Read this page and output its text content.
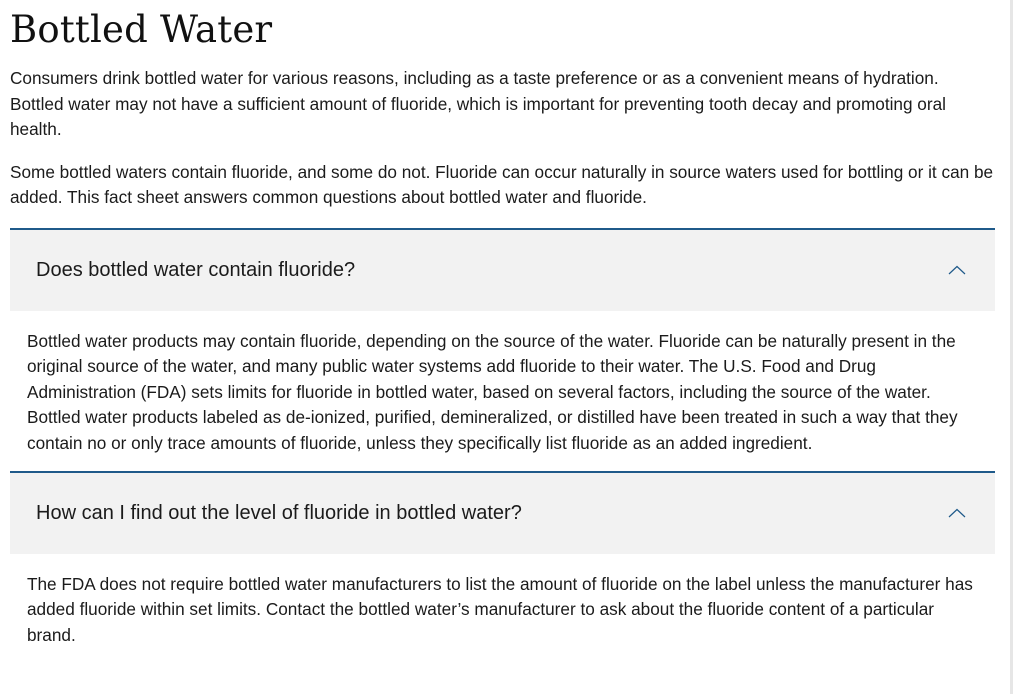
Bottled Water

Consumers drink bottled water for various reasons, including as a taste preference or as a convenient means of hydration. Bottled water may not have a sufficient amount of fluoride, which is important for preventing tooth decay and promoting oral health.

Some bottled waters contain fluoride, and some do not. Fluoride can occur naturally in source waters used for bottling or it can be added. This fact sheet answers common questions about bottled water and fluoride.

Does bottled water contain fluoride?
Bottled water products may contain fluoride, depending on the source of the water. Fluoride can be naturally present in the original source of the water, and many public water systems add fluoride to their water. The U.S. Food and Drug Administration (FDA) sets limits for fluoride in bottled water, based on several factors, including the source of the water. Bottled water products labeled as de-ionized, purified, demineralized, or distilled have been treated in such a way that they contain no or only trace amounts of fluoride, unless they specifically list fluoride as an added ingredient.
How can I find out the level of fluoride in bottled water?
The FDA does not require bottled water manufacturers to list the amount of fluoride on the label unless the manufacturer has added fluoride within set limits. Contact the bottled water’s manufacturer to ask about the fluoride content of a particular brand.
